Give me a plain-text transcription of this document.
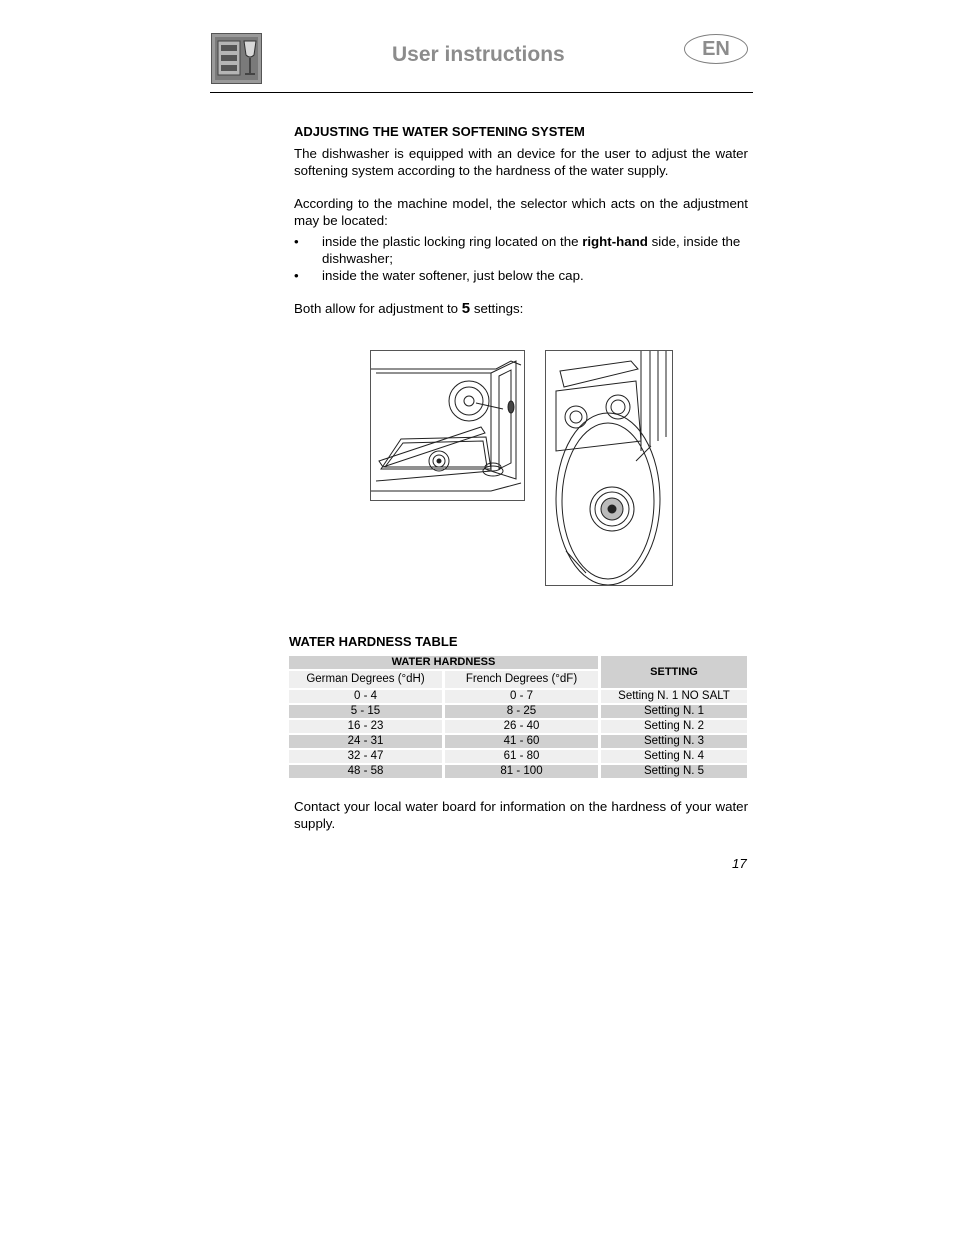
User instructions	EN
ADJUSTING THE WATER SOFTENING SYSTEM
The dishwasher is equipped with an device for the user to adjust the water softening system according to the hardness of the water supply.
According to the machine model, the selector which acts on the adjustment may be located:
• inside the plastic locking ring located on the right-hand side, inside the dishwasher;
• inside the water softener, just below the cap.
Both allow for adjustment to 5 settings:
WATER HARDNESS TABLE
WATER HARDNESS		SETTING
German Degrees (°dH)	French Degrees (°dF)	
0 - 4	0 - 7	Setting N. 1 NO SALT
5 - 15	8 - 25	Setting N. 1
16 - 23	26 - 40	Setting N. 2
24 - 31	41 - 60	Setting N. 3
32 - 47	61 - 80	Setting N. 4
48 - 58	81 - 100	Setting N. 5
Contact your local water board for information on the hardness of your water supply.
17
